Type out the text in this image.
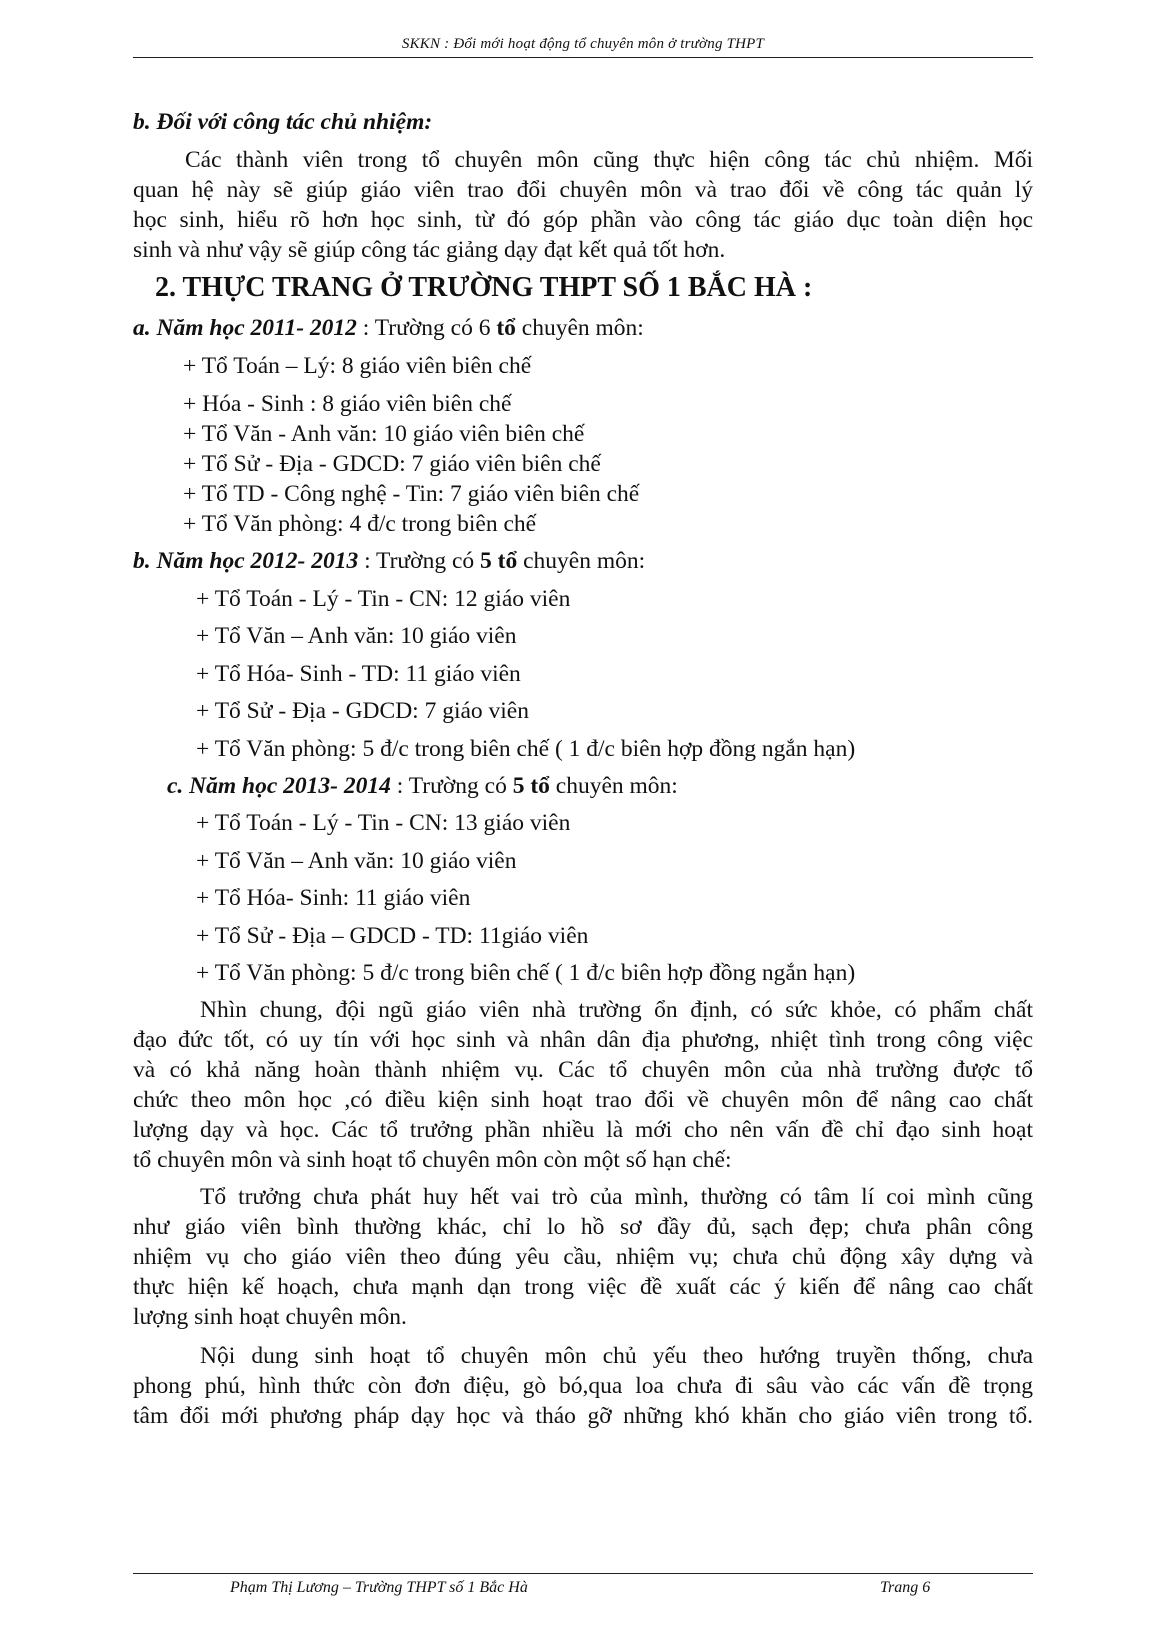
SKKN : Đổi mới hoạt động tổ chuyên môn ở trường THPT
b. Đối với công tác chủ nhiệm:
Các thành viên trong tổ chuyên môn cũng thực hiện công tác chủ nhiệm. Mối
quan hệ này sẽ giúp giáo viên trao đổi chuyên môn và trao đổi về công tác quản lý
học sinh, hiểu rõ hơn học sinh, từ đó góp phần vào công tác giáo dục toàn diện học
sinh và như vậy sẽ giúp công tác giảng dạy đạt kết quả tốt hơn.
2. THỰC TRANG Ở TRƯỜNG THPT SỐ 1 BẮC HÀ :
a. Năm học 2011- 2012 : Trường có 6 tổ chuyên môn:
+ Tổ Toán – Lý: 8 giáo viên biên chế
+ Hóa - Sinh : 8 giáo viên biên chế
+ Tổ Văn - Anh văn: 10 giáo viên biên chế
+ Tổ Sử - Địa - GDCD: 7 giáo viên biên chế
+ Tổ TD - Công nghệ - Tin: 7 giáo viên biên chế
+ Tổ Văn phòng: 4 đ/c trong biên chế
b. Năm học 2012- 2013 : Trường có 5 tổ chuyên môn:
+ Tổ Toán - Lý - Tin - CN: 12 giáo viên
+ Tổ Văn – Anh văn: 10 giáo viên
+ Tổ Hóa- Sinh - TD: 11 giáo viên
+ Tổ Sử - Địa - GDCD: 7 giáo viên
+ Tổ Văn phòng: 5 đ/c trong biên chế ( 1 đ/c biên hợp đồng ngắn hạn)
c. Năm học 2013- 2014 : Trường có 5 tổ chuyên môn:
+ Tổ Toán - Lý - Tin - CN: 13 giáo viên
+ Tổ Văn – Anh văn: 10 giáo viên
+ Tổ Hóa- Sinh: 11 giáo viên
+ Tổ Sử - Địa – GDCD - TD: 11giáo viên
+ Tổ Văn phòng: 5 đ/c trong biên chế ( 1 đ/c biên hợp đồng ngắn hạn)
Nhìn chung, đội ngũ giáo viên nhà trường ổn định, có sức khỏe, có phẩm chất
đạo đức tốt, có uy tín với học sinh và nhân dân địa phương, nhiệt tình trong công việc
và có khả năng hoàn thành nhiệm vụ. Các tổ chuyên môn của nhà trường được tổ
chức theo môn học ,có điều kiện sinh hoạt trao đổi về chuyên môn để nâng cao chất
lượng dạy và học. Các tổ trưởng phần nhiều là mới cho nên vấn đề chỉ đạo sinh hoạt
tổ chuyên môn và sinh hoạt tổ chuyên môn còn một số hạn chế:
Tổ trưởng chưa phát huy hết vai trò của mình, thường có tâm lí coi mình cũng
như giáo viên bình thường khác, chỉ lo hồ sơ đầy đủ, sạch đẹp; chưa phân công
nhiệm vụ cho giáo viên theo đúng yêu cầu, nhiệm vụ; chưa chủ động xây dựng và
thực hiện kế hoạch, chưa mạnh dạn trong việc đề xuất các ý kiến để nâng cao chất
lượng sinh hoạt chuyên môn.
Nội dung sinh hoạt tổ chuyên môn chủ yếu theo hướng truyền thống, chưa
phong phú, hình thức còn đơn điệu, gò bó,qua loa chưa đi sâu vào các vấn đề trọng
tâm đổi mới phương pháp dạy học và tháo gỡ những khó khăn cho giáo viên trong tổ.
Phạm Thị Lương – Trường THPT số 1 Bắc Hà	Trang 6
